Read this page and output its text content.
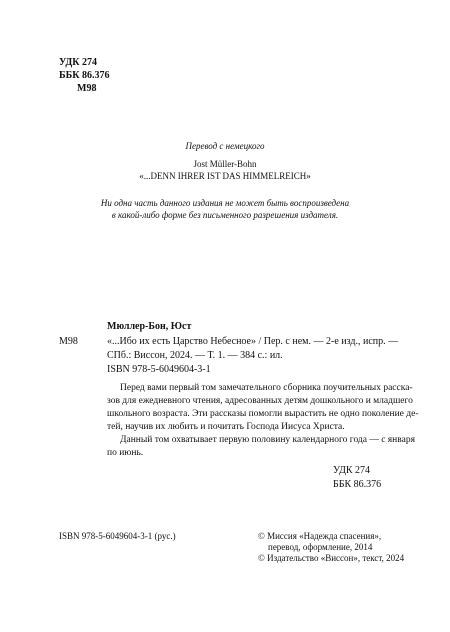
УДК 274
ББК 86.376
М98
Перевод с немецкого
Jost Müller-Bohn
«...DENN IHRER IST DAS HIMMELREICH»
Ни одна часть данного издания не может быть воспроизведена
в какой-либо форме без письменного разрешения издателя.
Мюллер-Бон, Юст
М98	«...Ибо их есть Царство Небесное» / Пер. с нем. — 2-е изд., испр. —
СПб.: Виссон, 2024. — Т. 1. — 384 с.: ил.
ISBN 978-5-6049604-3-1
Перед вами первый том замечательного сборника поучительных расска-
зов для ежедневного чтения, адресованных детям дошкольного и младшего
школьного возраста. Эти рассказы помогли вырастить не одно поколение де-
тей, научив их любить и почитать Господа Иисуса Христа.
Данный том охватывает первую половину календарного года — с января
по июнь.
УДК 274
ББК 86.376
ISBN 978-5-6049604-3-1 (рус.)	© Миссия «Надежда спасения»,
перевод, оформление, 2014
© Издательство «Виссон», текст, 2024
